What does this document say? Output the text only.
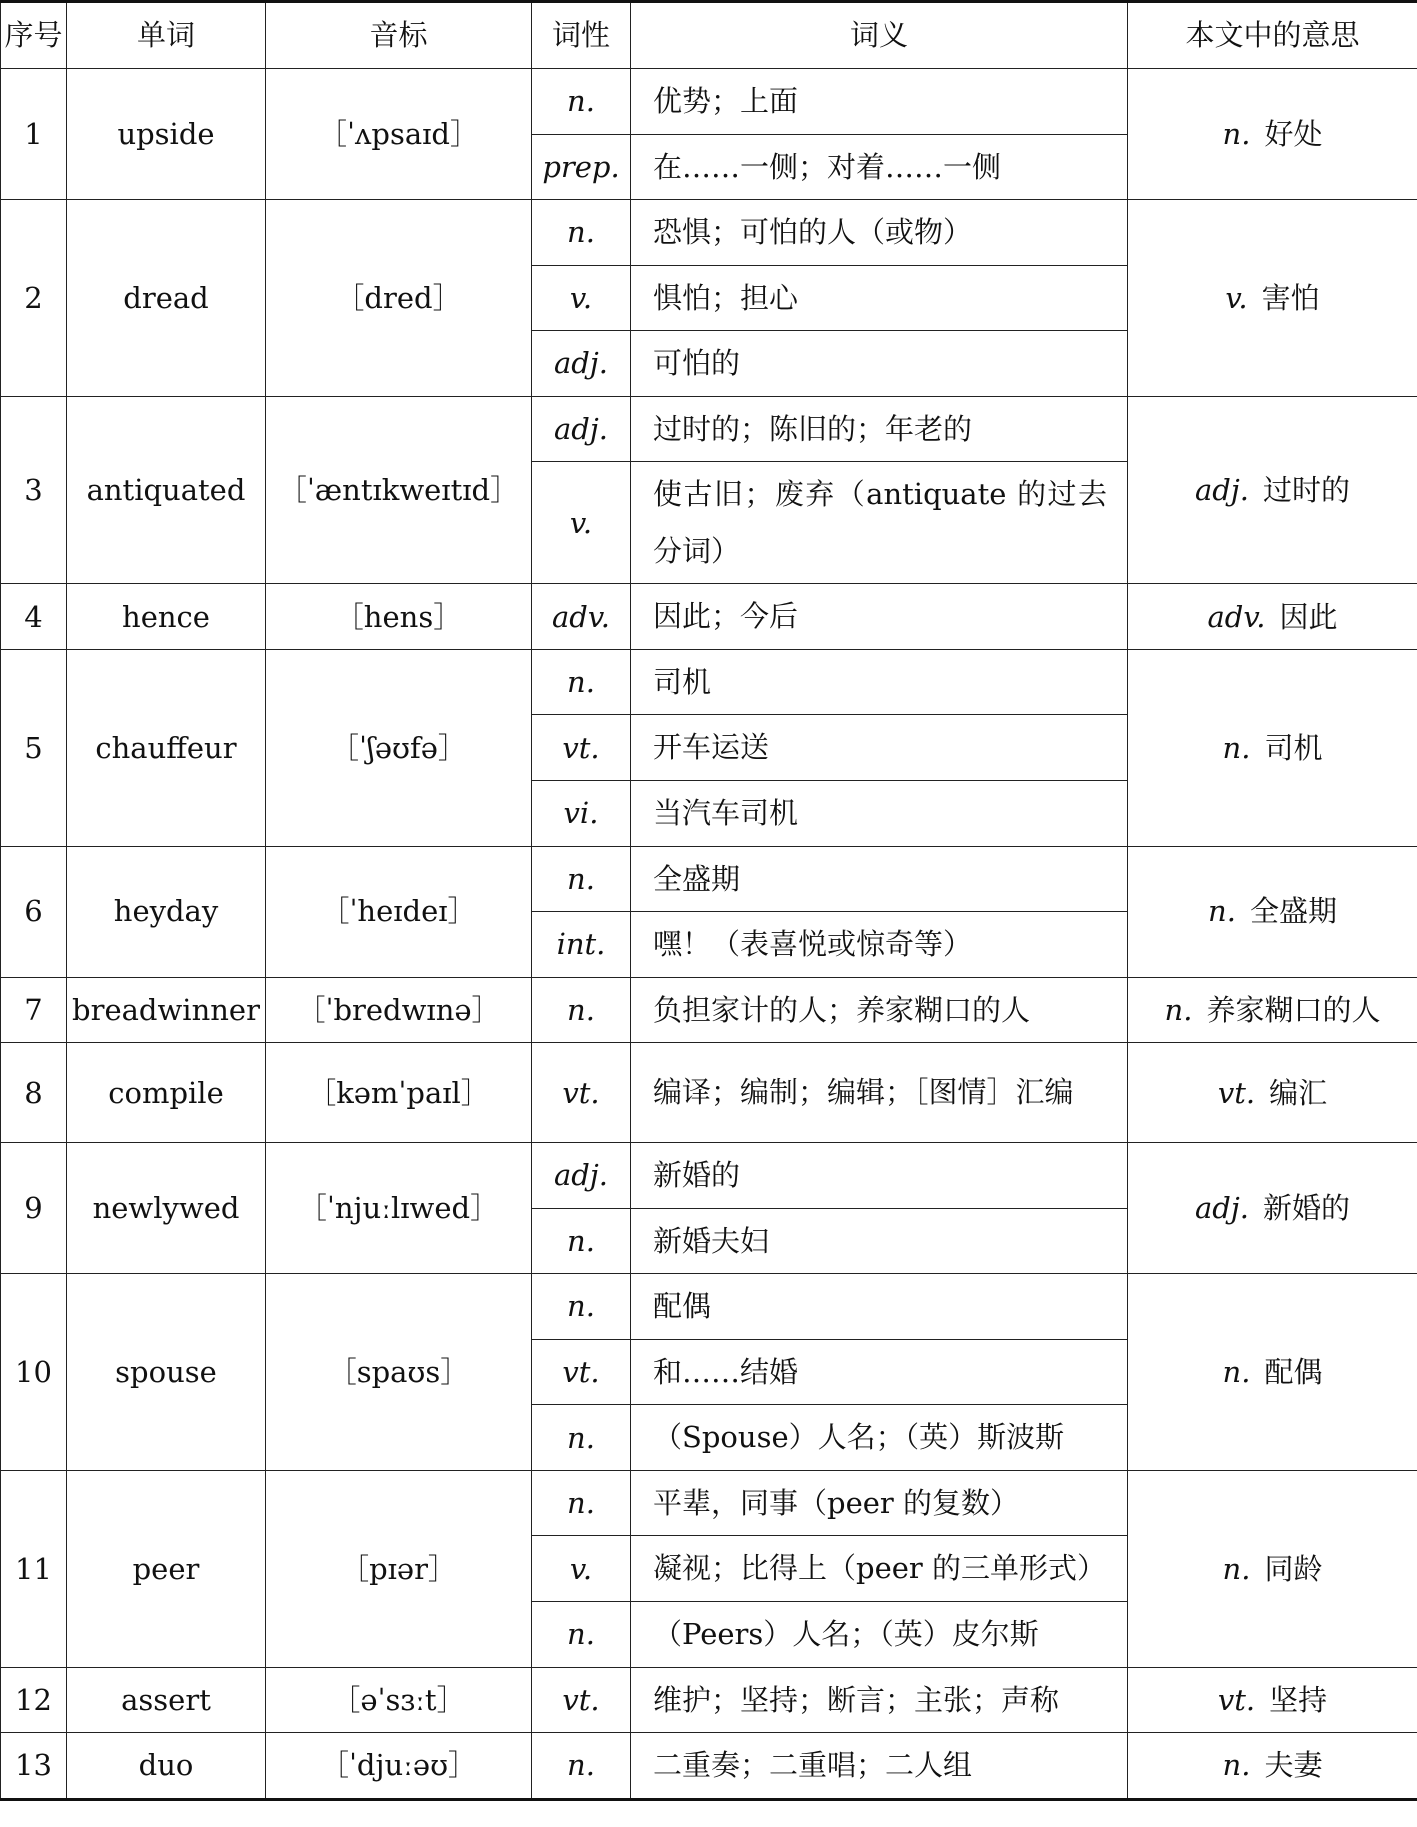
序号	单词	音标	词性	词义	本文中的意思
1	upside	［ˈʌpsaɪd］	n.	优势；上面	n. 好处
			prep.	在……一侧；对着……一侧	
2	dread	［dred］	n.	恐惧；可怕的人（或物）	v. 害怕
			v.	惧怕；担心	
			adj.	可怕的	
3	antiquated	［ˈæntɪkweɪtɪd］	adj.	过时的；陈旧的；年老的	adj. 过时的
			v.	使古旧；废弃（antiquate 的过去分词）	
4	hence	［hens］	adv.	因此；今后	adv. 因此
5	chauffeur	［ˈʃəʊfə］	n.	司机	n. 司机
			vt.	开车运送	
			vi.	当汽车司机	
6	heyday	［ˈheɪdeɪ］	n.	全盛期	n. 全盛期
			int.	嘿！（表喜悦或惊奇等）	
7	breadwinner	［ˈbredwɪnə］	n.	负担家计的人；养家糊口的人	n. 养家糊口的人
8	compile	［kəmˈpaɪl］	vt.	编译；编制；编辑；［图情］汇编	vt. 编汇
9	newlywed	［ˈnjuːlɪwed］	adj.	新婚的	adj. 新婚的
			n.	新婚夫妇	
10	spouse	［spaʊs］	n.	配偶	n. 配偶
			vt.	和……结婚	
			n.	（Spouse）人名；（英）斯波斯	
11	peer	［pɪər］	n.	平辈，同事（peer 的复数）	n. 同龄
			v.	凝视；比得上（peer 的三单形式）	
			n.	（Peers）人名；（英）皮尔斯	
12	assert	［əˈsɜːt］	vt.	维护；坚持；断言；主张；声称	vt. 坚持
13	duo	［ˈdjuːəʊ］	n.	二重奏；二重唱；二人组	n. 夫妻
